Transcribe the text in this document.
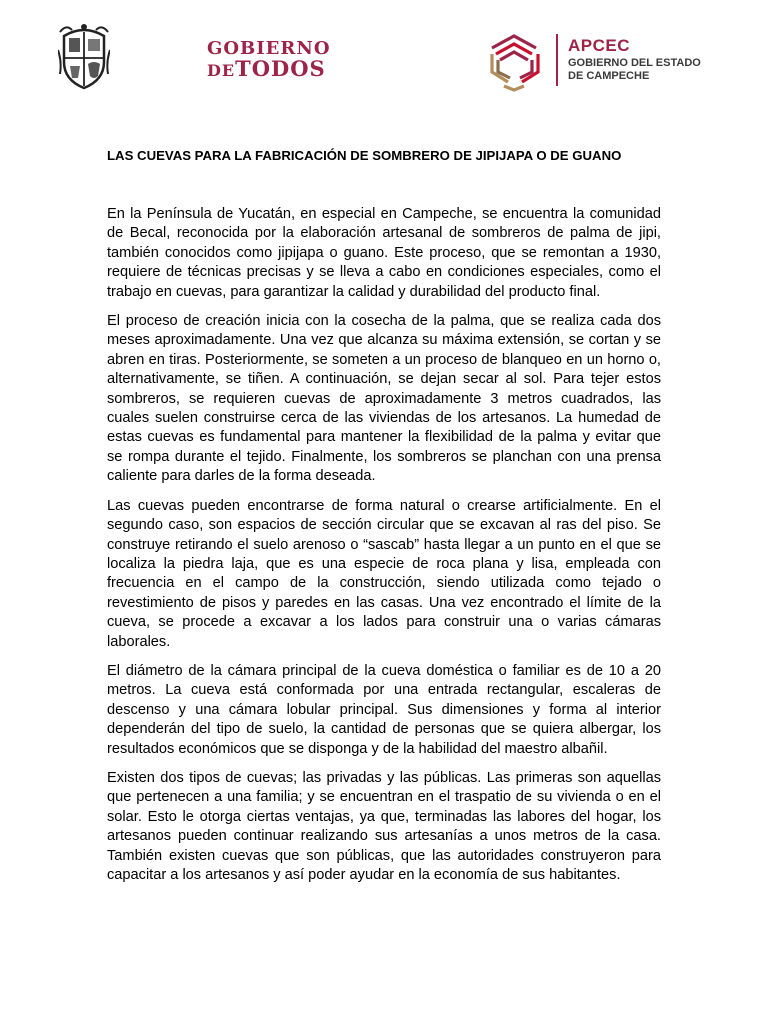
GOBIERNO
DETODOS
APCEC
GOBIERNO DEL ESTADO
DE CAMPECHE
LAS CUEVAS PARA LA FABRICACIÓN DE SOMBRERO DE JIPIJAPA O DE GUANO

En la Península de Yucatán, en especial en Campeche, se encuentra la comunidad de Becal, reconocida por la elaboración artesanal de sombreros de palma de jipi, también conocidos como jipijapa o guano. Este proceso, que se remontan a 1930, requiere de técnicas precisas y se lleva a cabo en condiciones especiales, como el trabajo en cuevas, para garantizar la calidad y durabilidad del producto final.

El proceso de creación inicia con la cosecha de la palma, que se realiza cada dos meses aproximadamente. Una vez que alcanza su máxima extensión, se cortan y se abren en tiras. Posteriormente, se someten a un proceso de blanqueo en un horno o, alternativamente, se tiñen. A continuación, se dejan secar al sol. Para tejer estos sombreros, se requieren cuevas de aproximadamente 3 metros cuadrados, las cuales suelen construirse cerca de las viviendas de los artesanos. La humedad de estas cuevas es fundamental para mantener la flexibilidad de la palma y evitar que se rompa durante el tejido. Finalmente, los sombreros se planchan con una prensa caliente para darles de la forma deseada.

Las cuevas pueden encontrarse de forma natural o crearse artificialmente. En el segundo caso, son espacios de sección circular que se excavan al ras del piso. Se construye retirando el suelo arenoso o “sascab” hasta llegar a un punto en el que se localiza la piedra laja, que es una especie de roca plana y lisa, empleada con frecuencia en el campo de la construcción, siendo utilizada como tejado o revestimiento de pisos y paredes en las casas. Una vez encontrado el límite de la cueva, se procede a excavar a los lados para construir una o varias cámaras laborales.

El diámetro de la cámara principal de la cueva doméstica o familiar es de 10 a 20 metros. La cueva está conformada por una entrada rectangular, escaleras de descenso y una cámara lobular principal. Sus dimensiones y forma al interior dependerán del tipo de suelo, la cantidad de personas que se quiera albergar, los resultados económicos que se disponga y de la habilidad del maestro albañil.

Existen dos tipos de cuevas; las privadas y las públicas. Las primeras son aquellas que pertenecen a una familia; y se encuentran en el traspatio de su vivienda o en el solar. Esto le otorga ciertas ventajas, ya que, terminadas las labores del hogar, los artesanos pueden continuar realizando sus artesanías a unos metros de la casa. También existen cuevas que son públicas, que las autoridades construyeron para capacitar a los artesanos y así poder ayudar en la economía de sus habitantes.
